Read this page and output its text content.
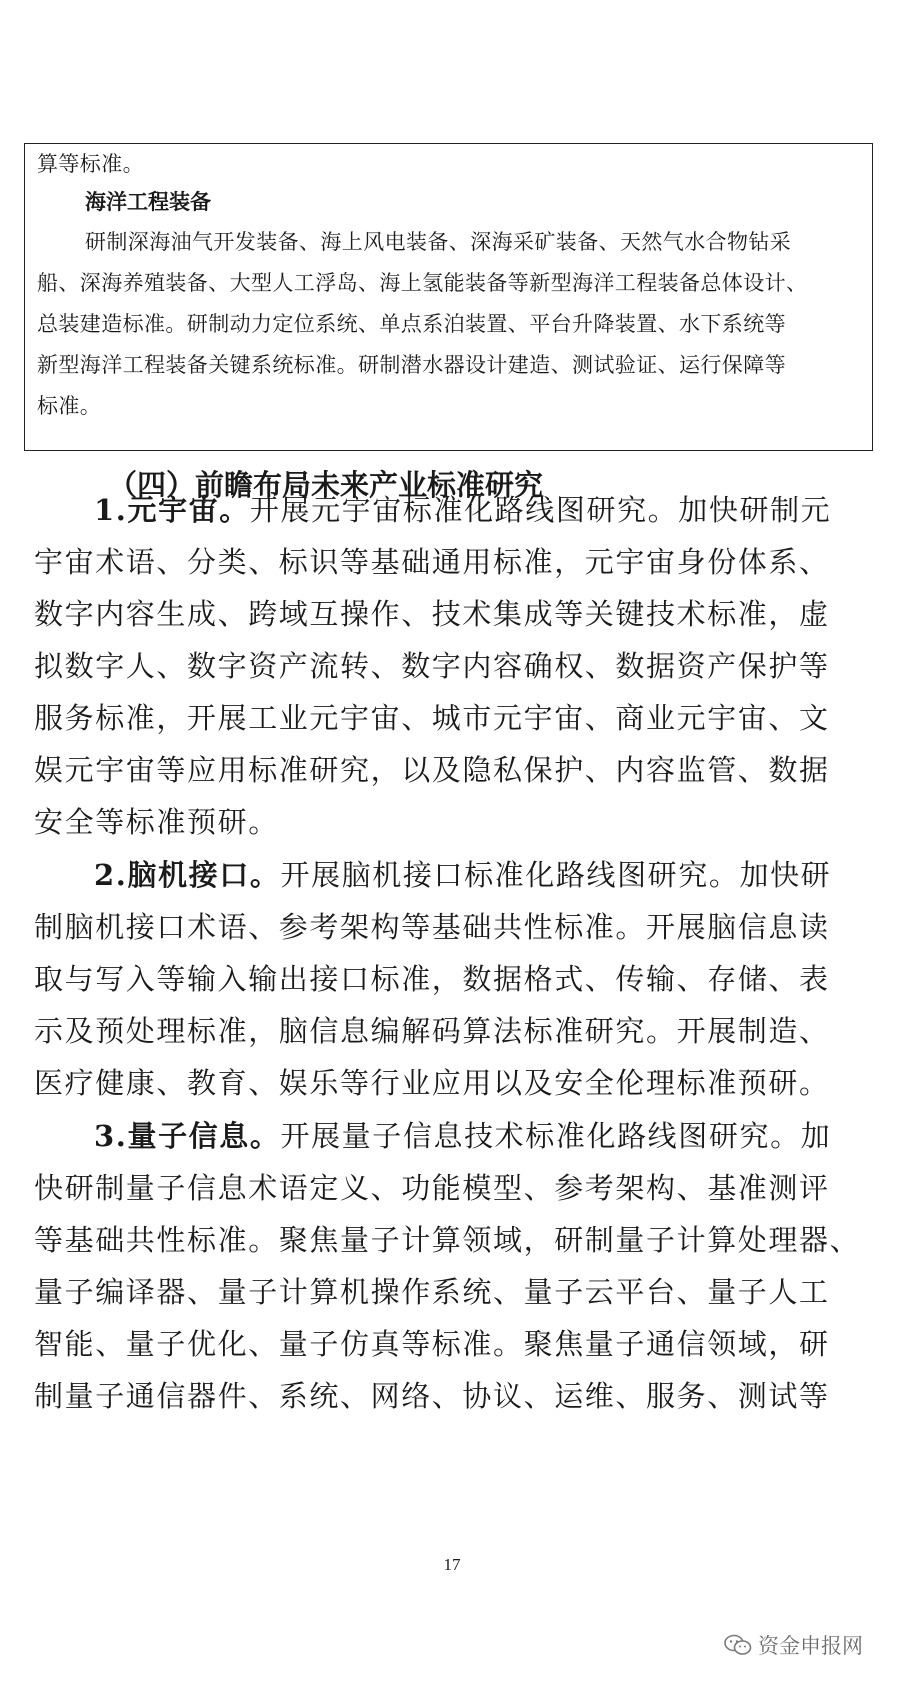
算等标准。
海洋工程装备
研制深海油气开发装备、海上风电装备、深海采矿装备、天然气水合物钻采
船、深海养殖装备、大型人工浮岛、海上氢能装备等新型海洋工程装备总体设计、
总装建造标准。研制动力定位系统、单点系泊装置、平台升降装置、水下系统等
新型海洋工程装备关键系统标准。研制潜水器设计建造、测试验证、运行保障等
标准。
（四）前瞻布局未来产业标准研究
1.元宇宙。开展元宇宙标准化路线图研究。加快研制元
宇宙术语、分类、标识等基础通用标准，元宇宙身份体系、
数字内容生成、跨域互操作、技术集成等关键技术标准，虚
拟数字人、数字资产流转、数字内容确权、数据资产保护等
服务标准，开展工业元宇宙、城市元宇宙、商业元宇宙、文
娱元宇宙等应用标准研究，以及隐私保护、内容监管、数据
安全等标准预研。
2.脑机接口。开展脑机接口标准化路线图研究。加快研
制脑机接口术语、参考架构等基础共性标准。开展脑信息读
取与写入等输入输出接口标准，数据格式、传输、存储、表
示及预处理标准，脑信息编解码算法标准研究。开展制造、
医疗健康、教育、娱乐等行业应用以及安全伦理标准预研。
3.量子信息。开展量子信息技术标准化路线图研究。加
快研制量子信息术语定义、功能模型、参考架构、基准测评
等基础共性标准。聚焦量子计算领域，研制量子计算处理器、
量子编译器、量子计算机操作系统、量子云平台、量子人工
智能、量子优化、量子仿真等标准。聚焦量子通信领域，研
制量子通信器件、系统、网络、协议、运维、服务、测试等
17
资金申报网
